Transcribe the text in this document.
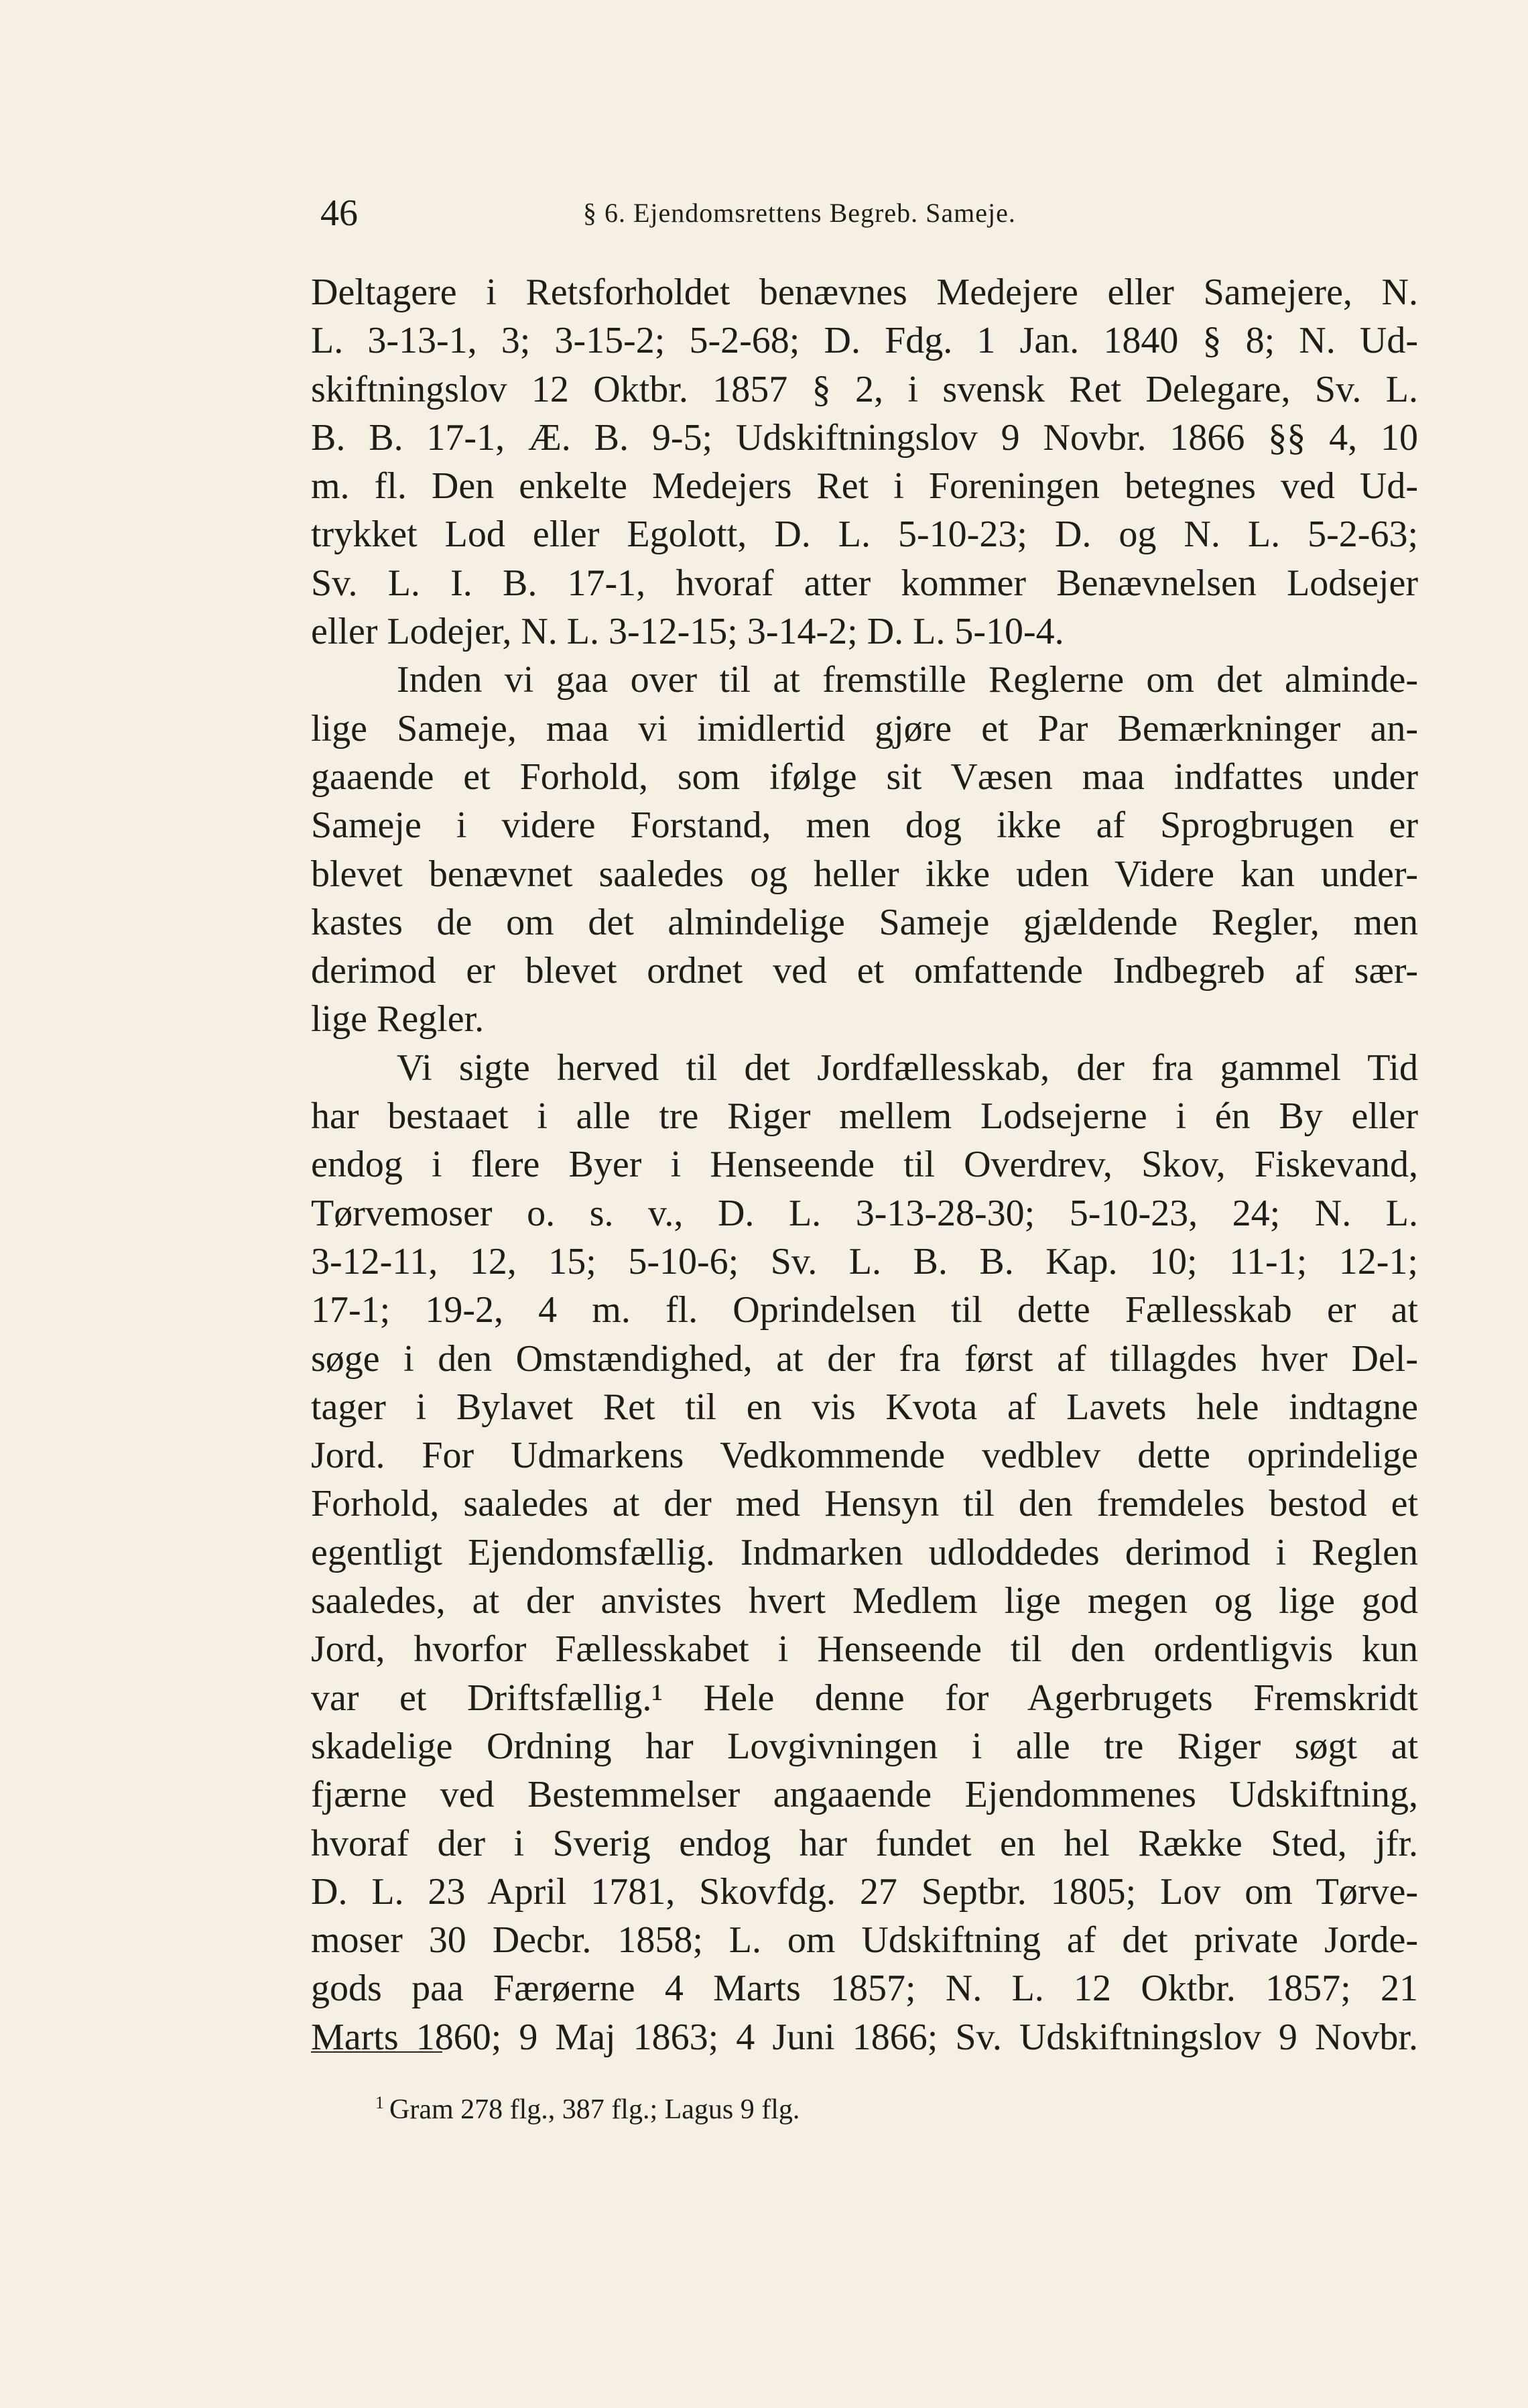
46	§ 6. Ejendomsrettens Begreb. Sameje.
Deltagere i Retsforholdet benævnes Medejere eller Samejere, N.
L. 3-13-1, 3; 3-15-2; 5-2-68; D. Fdg. 1 Jan. 1840 § 8; N. Ud-
skiftningslov 12 Oktbr. 1857 § 2, i svensk Ret Delegare, Sv. L.
B. B. 17-1, Æ. B. 9-5; Udskiftningslov 9 Novbr. 1866 §§ 4, 10
m. fl. Den enkelte Medejers Ret i Foreningen betegnes ved Ud-
trykket Lod eller Egolott, D. L. 5-10-23; D. og N. L. 5-2-63;
Sv. L. I. B. 17-1, hvoraf atter kommer Benævnelsen Lodsejer
eller Lodejer, N. L. 3-12-15; 3-14-2; D. L. 5-10-4.
Inden vi gaa over til at fremstille Reglerne om det alminde-
lige Sameje, maa vi imidlertid gjøre et Par Bemærkninger an-
gaaende et Forhold, som ifølge sit Væsen maa indfattes under
Sameje i videre Forstand, men dog ikke af Sprogbrugen er
blevet benævnet saaledes og heller ikke uden Videre kan under-
kastes de om det almindelige Sameje gjældende Regler, men
derimod er blevet ordnet ved et omfattende Indbegreb af sær-
lige Regler.
Vi sigte herved til det Jordfællesskab, der fra gammel Tid
har bestaaet i alle tre Riger mellem Lodsejerne i én By eller
endog i flere Byer i Henseende til Overdrev, Skov, Fiskevand,
Tørvemoser o. s. v., D. L. 3-13-28-30; 5-10-23, 24; N. L.
3-12-11, 12, 15; 5-10-6; Sv. L. B. B. Kap. 10; 11-1; 12-1;
17-1; 19-2, 4 m. fl. Oprindelsen til dette Fællesskab er at
søge i den Omstændighed, at der fra først af tillagdes hver Del-
tager i Bylavet Ret til en vis Kvota af Lavets hele indtagne
Jord. For Udmarkens Vedkommende vedblev dette oprindelige
Forhold, saaledes at der med Hensyn til den fremdeles bestod et
egentligt Ejendomsfællig. Indmarken udloddedes derimod i Reglen
saaledes, at der anvistes hvert Medlem lige megen og lige god
Jord, hvorfor Fællesskabet i Henseende til den ordentligvis kun
var et Driftsfællig.¹ Hele denne for Agerbrugets Fremskridt
skadelige Ordning har Lovgivningen i alle tre Riger søgt at
fjærne ved Bestemmelser angaaende Ejendommenes Udskiftning,
hvoraf der i Sverig endog har fundet en hel Række Sted, jfr.
D. L. 23 April 1781, Skovfdg. 27 Septbr. 1805; Lov om Tørve-
moser 30 Decbr. 1858; L. om Udskiftning af det private Jorde-
gods paa Færøerne 4 Marts 1857; N. L. 12 Oktbr. 1857; 21
Marts 1860; 9 Maj 1863; 4 Juni 1866; Sv. Udskiftningslov 9 Novbr.
$^1$ Gram 278 flg., 387 flg.; Lagus 9 flg.
